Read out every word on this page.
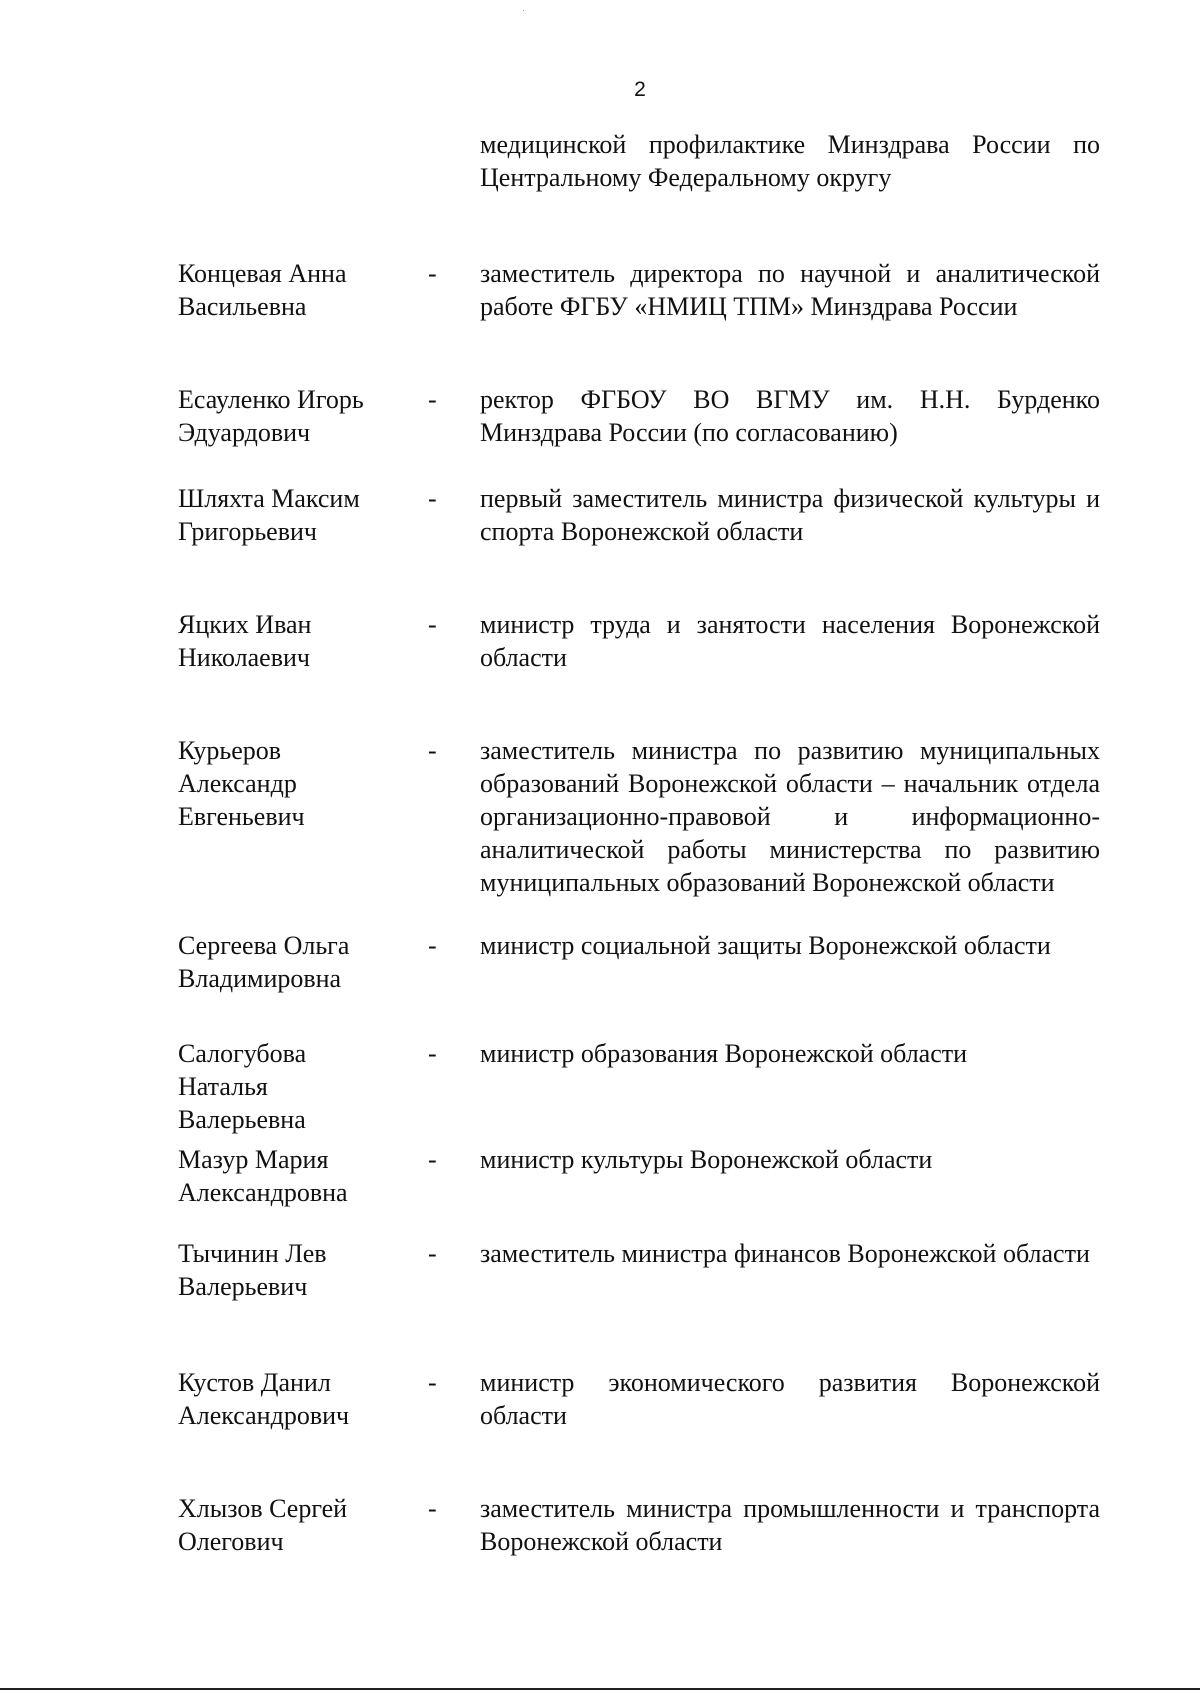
2
медицинской профилактике Минздрава России по Центральному Федеральному округу
Концевая Анна
Васильевна
- заместитель директора по научной и аналитической работе ФГБУ «НМИЦ ТПМ» Минздрава России
Есауленко Игорь
Эдуардович
- ректор ФГБОУ ВО ВГМУ им. Н.Н. Бурденко Минздрава России (по согласованию)
Шляхта Максим
Григорьевич
- первый заместитель министра физической культуры и спорта Воронежской области
Яцких Иван
Николаевич
- министр труда и занятости населения Воронежской области
Курьеров
Александр
Евгеньевич
- заместитель министра по развитию муниципальных образований Воронежской области – начальник отдела организационно-правовой и информационно-аналитической работы министерства по развитию муниципальных образований Воронежской области
Сергеева Ольга
Владимировна
- министр социальной защиты Воронежской области
Салогубова
Наталья
Валерьевна
- министр образования Воронежской области
Мазур Мария
Александровна
- министр культуры Воронежской области
Тычинин Лев
Валерьевич
- заместитель министра финансов Воронежской области
Кустов Данил
Александрович
- министр экономического развития Воронежской области
Хлызов Сергей
Олегович
- заместитель министра промышленности и транспорта Воронежской области
